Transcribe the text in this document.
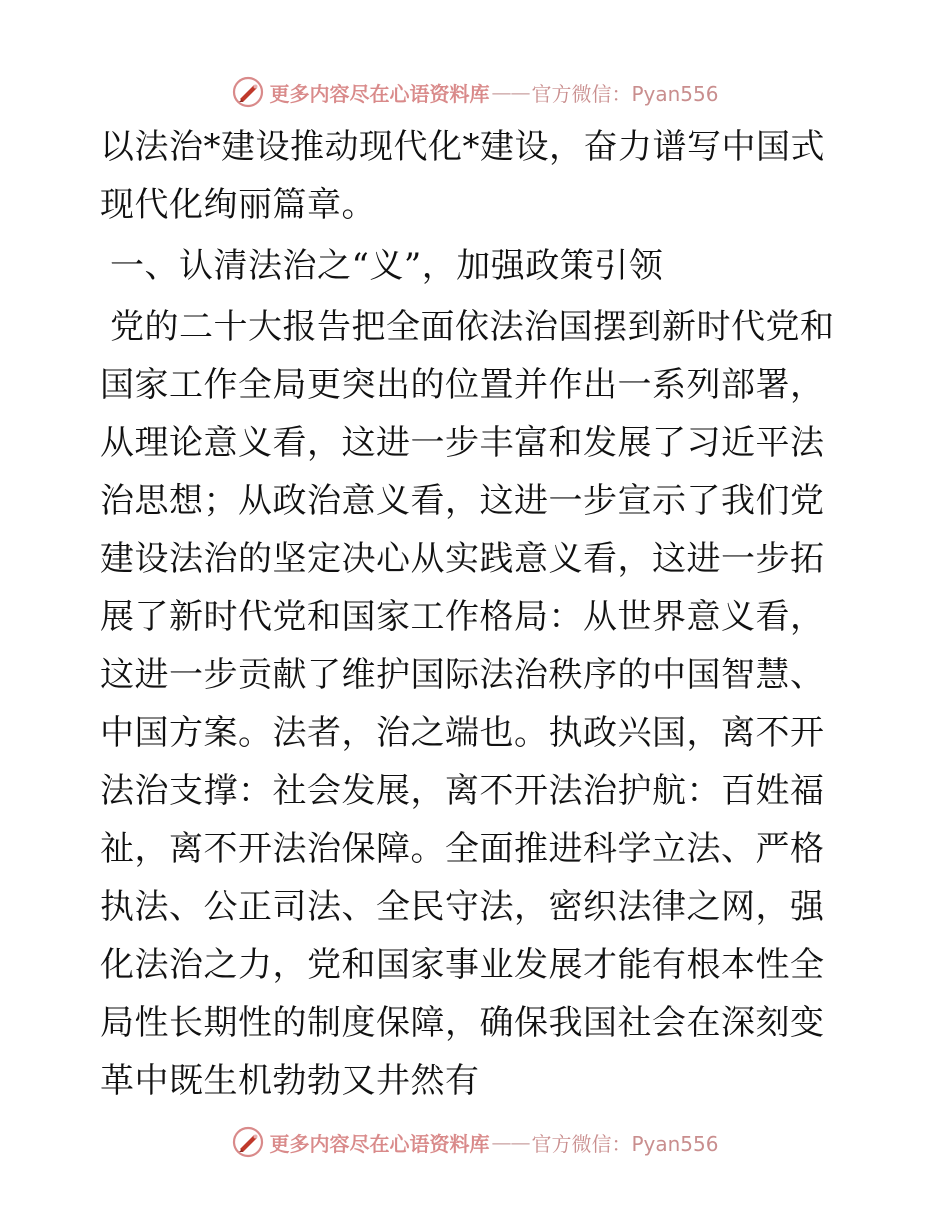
更多内容尽在心语资料库 —— 官方微信：Pyan556

以法治*建设推动现代化*建设，奋力谱写中国式现代化绚丽篇章。

一、认清法治之“义”，加强政策引领

党的二十大报告把全面依法治国摆到新时代党和国家工作全局更突出的位置并作出一系列部署，从理论意义看，这进一步丰富和发展了习近平法治思想；从政治意义看，这进一步宣示了我们党建设法治的坚定决心从实践意义看，这进一步拓展了新时代党和国家工作格局：从世界意义看，这进一步贡献了维护国际法治秩序的中国智慧、中国方案。法者，治之端也。执政兴国，离不开法治支撑：社会发展，离不开法治护航：百姓福祉，离不开法治保障。全面推进科学立法、严格执法、公正司法、全民守法，密织法律之网，强化法治之力，党和国家事业发展才能有根本性全局性长期性的制度保障，确保我国社会在深刻变革中既生机勃勃又井然有

更多内容尽在心语资料库 —— 官方微信：Pyan556
